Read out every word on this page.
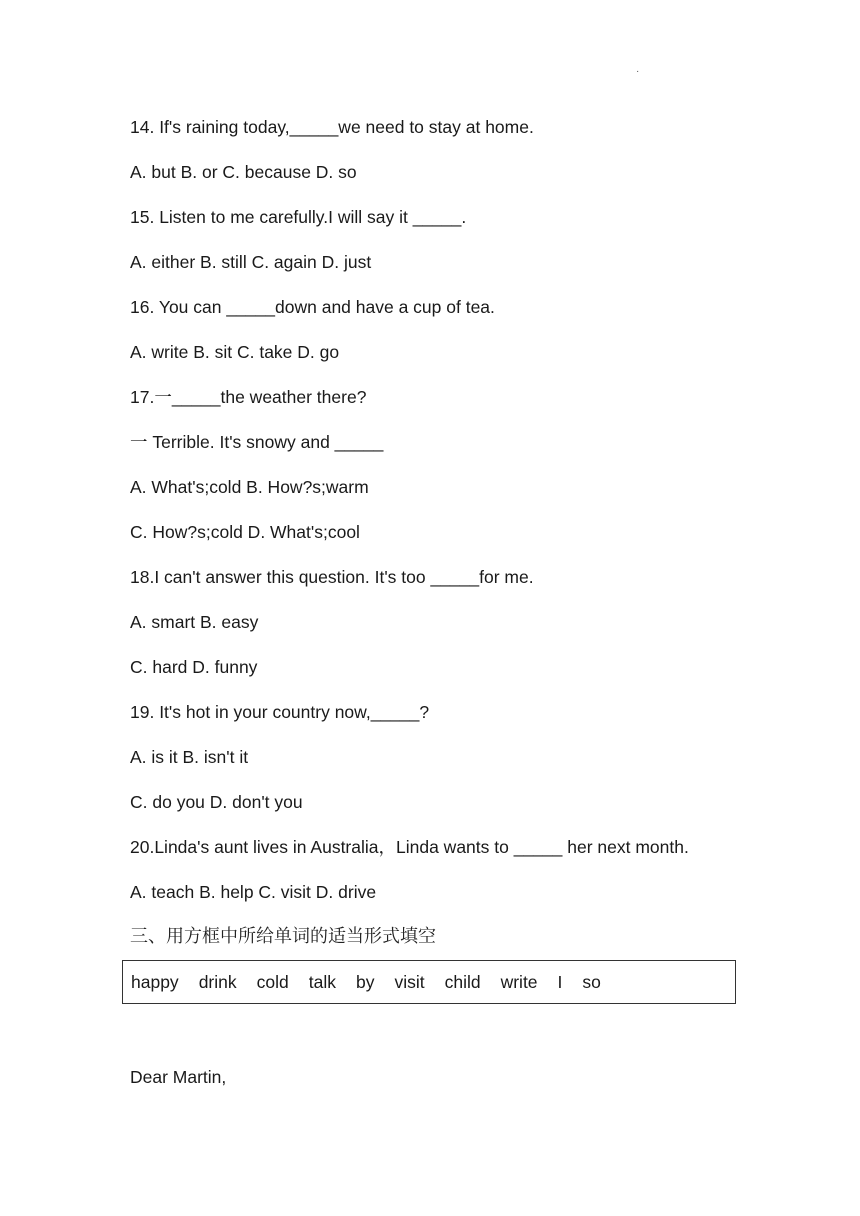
·
14. If's raining today,_____we need to stay at home.
A. but B. or C. because D. so
15. Listen to me carefully.I will say it _____.
A. either B. still C. again D. just
16. You can _____down and have a cup of tea.
A. write B. sit C. take D. go
17.一_____the weather there?
一 Terrible. It's snowy and _____
A. What's;cold B. How?s;warm
C. How?s;cold D. What's;cool
18.I can't answer this question. It's too _____for me.
A. smart B. easy
C. hard D. funny
19. It's hot in your country now,_____?
A. is it B. isn't it
C. do you D. don't you
20.Linda's aunt lives in Australia，Linda wants to _____ her next month.
A. teach B. help C. visit D. drive
三、用方框中所给单词的适当形式填空
happy drink cold talk by visit child write I so
Dear Martin,
